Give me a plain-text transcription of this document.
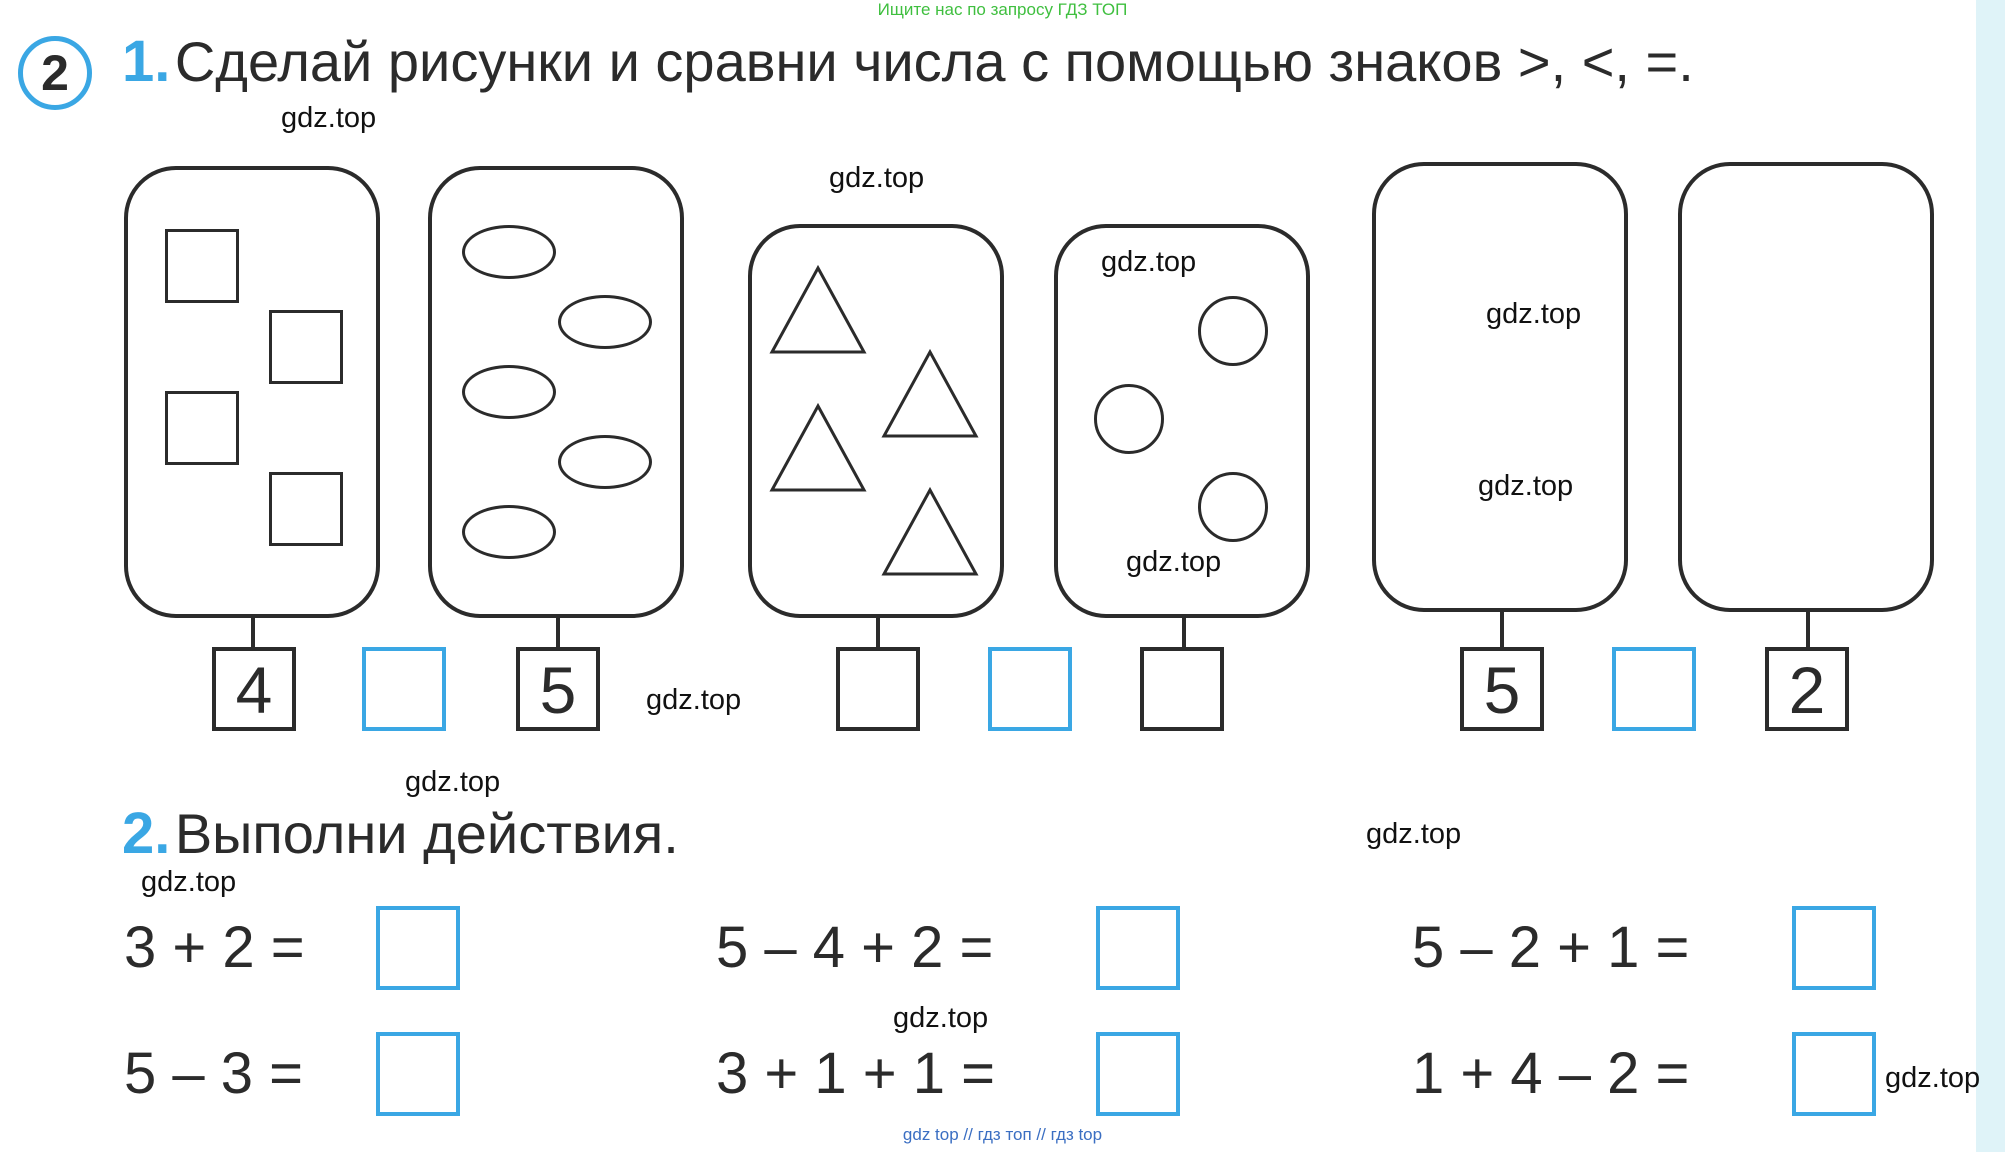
Ищите нас по запросу ГДЗ ТОП
2 1. Сделай рисунки и сравни числа с помощью знаков >, <, =.
4	5	5	2
2. Выполни действия.
3 + 2 =	5 – 4 + 2 =	5 – 2 + 1 =
5 – 3 =	3 + 1 + 1 =	1 + 4 – 2 =
gdz.top
gdz.top
gdz.top
gdz.top
gdz.top
gdz.top
gdz.top
gdz.top
gdz.top
gdz.top
gdz.top
gdz.top
gdz top // гдз топ // гдз top
